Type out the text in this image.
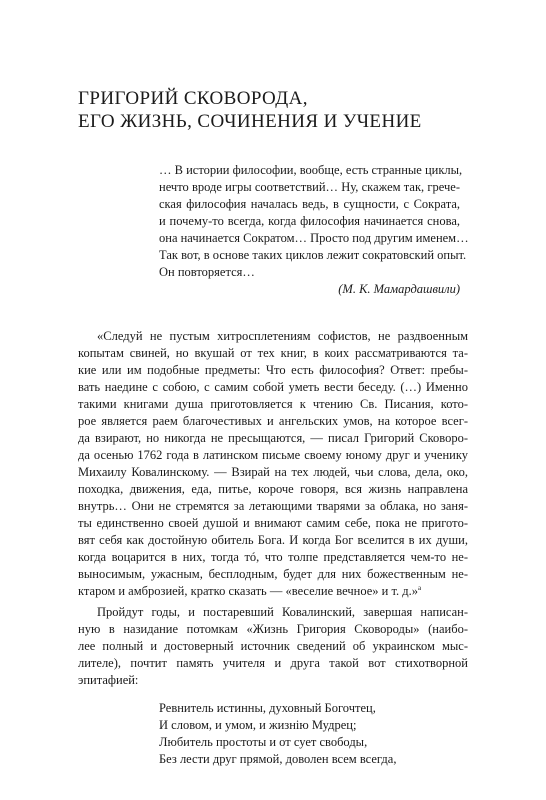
ГРИГОРИЙ СКОВОРОДА,
ЕГО ЖИЗНЬ, СОЧИНЕНИЯ И УЧЕНИЕ
… В истории философии, вообще, есть странные циклы,
нечто вроде игры соответствий… Ну, скажем так, грече-
ская философия началась ведь, в сущности, с Сократа,
и почему-то всегда, когда философия начинается снова,
она начинается Сократом… Просто под другим именем…
Так вот, в основе таких циклов лежит сократовский опыт.
Он повторяется…
(М. К. Мамардашвили)
«Следуй не пустым хитросплетениям софистов, не раздвоенным
копытам свиней, но вкушай от тех книг, в коих рассматриваются та-
кие или им подобные предметы: Что есть философия? Ответ: пребы-
вать наедине с собою, с самим собой уметь вести беседу. (…) Именно
такими книгами душа приготовляется к чтению Св. Писания, кото-
рое является раем благочестивых и ангельских умов, на которое всег-
да взирают, но никогда не пресыщаются, — писал Григорий Сковоро-
да осенью 1762 года в латинском письме своему юному друг и ученику
Михаилу Ковалинскому. — Взирай на тех людей, чьи слова, дела, око,
походка, движения, еда, питье, короче говоря, вся жизнь направлена
внутрь… Они не стремятся за летающими тварями за облака, но заня-
ты единственно своей душой и внимают самим себе, пока не приготo-
вят себя как достойную обитель Бога. И когда Бог вселится в их души,
когда воцарится в них, тогда тó, что толпе представляется чем-то не-
выносимым, ужасным, бесплодным, будет для них божественным не-
ктаром и амброзией, кратко сказать — «веселие вечное» и т. д.»$^a$
Пройдут годы, и постаревший Ковалинский, завершая написан-
ную в назидание потомкам «Жизнь Григория Сковороды» (наибо-
лее полный и достоверный источник сведений об украинском мыс-
лителе), почтит память учителя и друга такой вот стихотворной
эпитафией:
Ревнитель истинны, духовный Богочтец,
И словом, и умом, и жизнiю Мудрец;
Любитель простоты и от сует свободы,
Без лести друг прямой, доволен всем всегда,
